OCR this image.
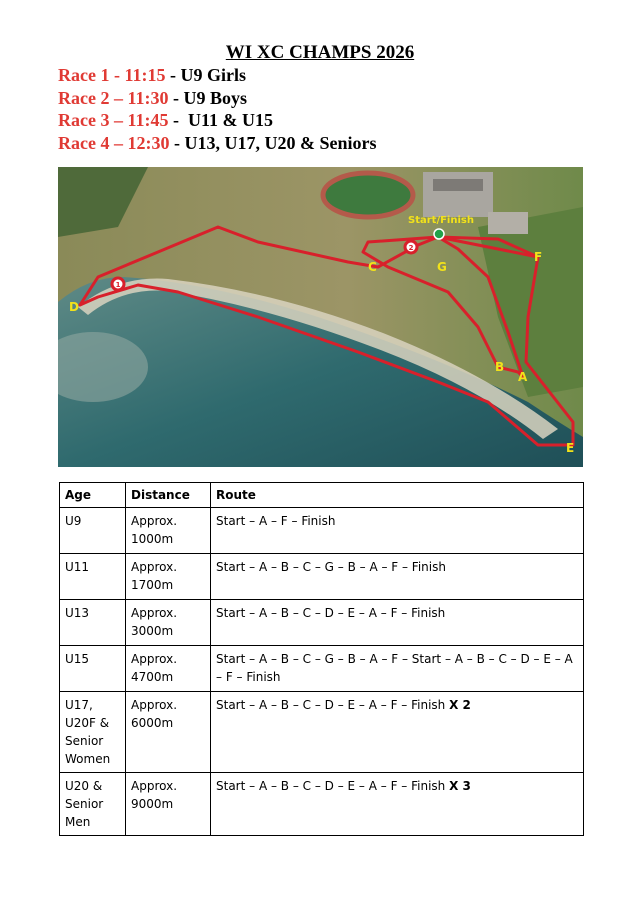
WI XC CHAMPS 2026
Race 1 - 11:15 - U9 Girls
Race 2 – 11:30 - U9 Boys
Race 3 – 11:45 -  U11 & U15
Race 4 – 12:30 - U13, U17, U20 & Seniors
1
2
Start/Finish
A
B
C
D
E
F
G
Age	Distance	Route
U9	Approx. 1000m	Start – A – F – Finish
U11	Approx. 1700m	Start – A – B – C – G – B – A – F – Finish
U13	Approx. 3000m	Start – A – B – C – D – E – A – F – Finish
U15	Approx. 4700m	Start – A – B – C – G – B – A – F – Start – A – B – C – D – E – A – F – Finish
U17, U20F & Senior Women	Approx. 6000m	Start – A – B – C – D – E – A – F – Finish X 2
U20 & Senior Men	Approx. 9000m	Start – A – B – C – D – E – A – F – Finish X 3
